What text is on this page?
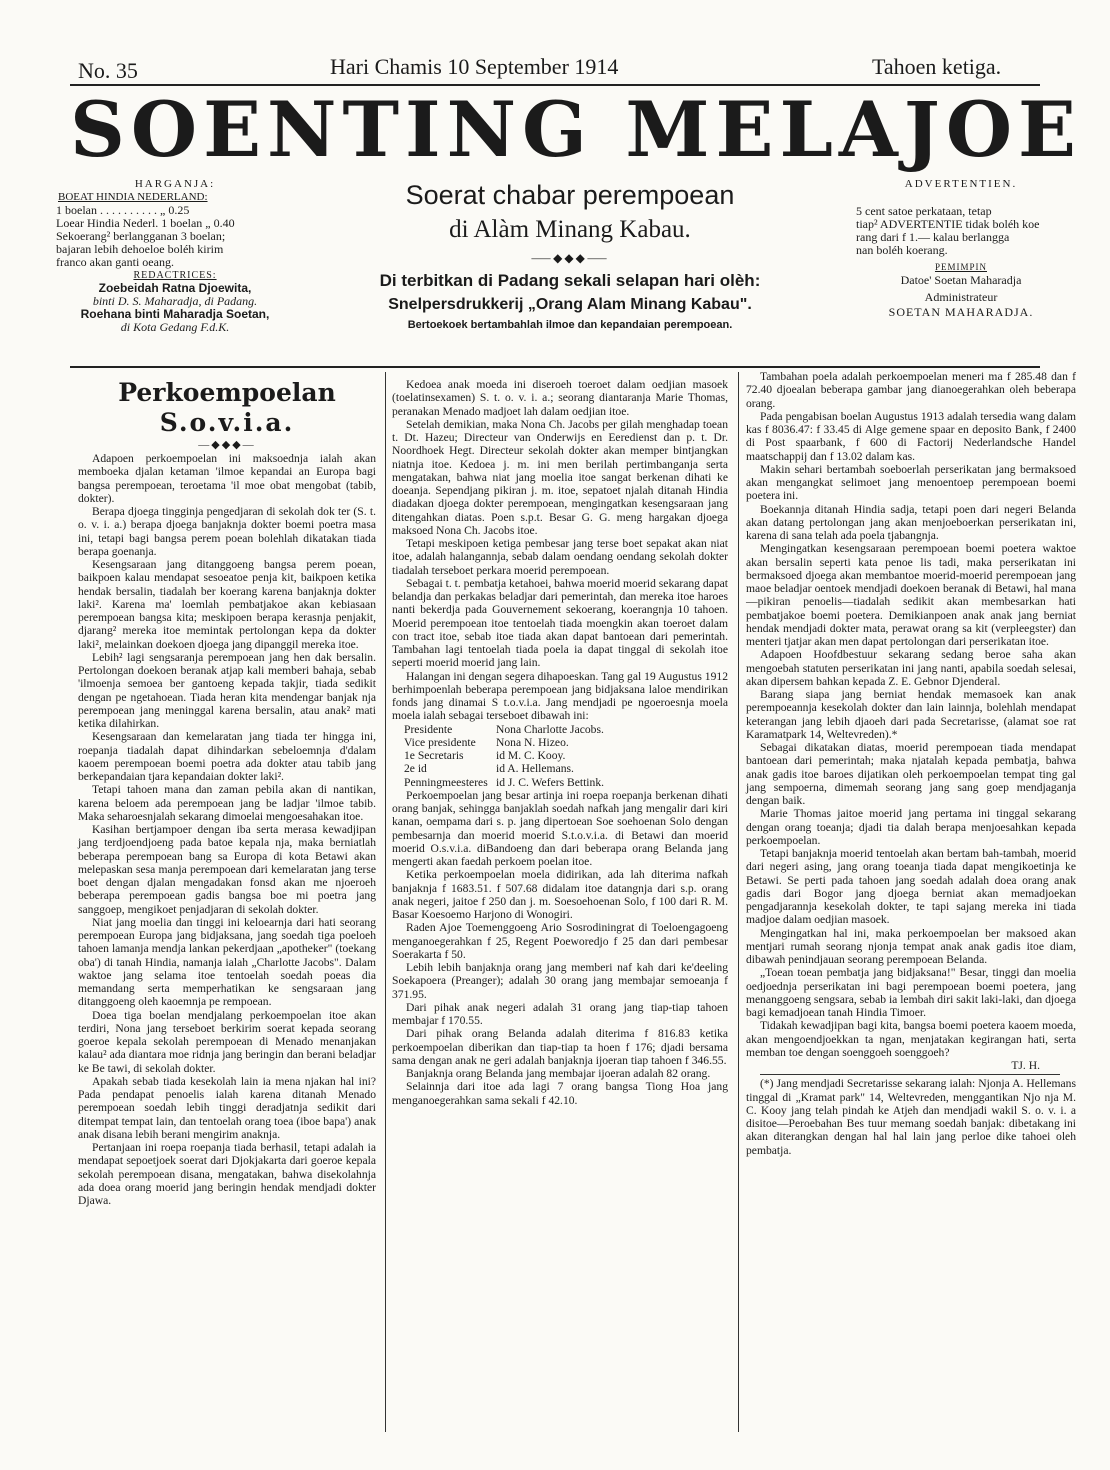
No. 35	Hari Chamis 10 September 1914	Tahoen ketiga.
SOENTING MELAJOE
HARGANJA:
BOEAT HINDIA NEDERLAND:
1 boelan . . . . . . . . . . „ 0.25
Loear Hindia Nederl. 1 boelan „ 0.40
Sekoerang² berlangganan 3 boelan;
bajaran lebih dehoeloe boléh kirim
franco akan ganti oeang.
REDACTRICES:
Zoebeidah Ratna Djoewita,
binti D. S. Maharadja, di Padang.
Roehana binti Maharadja Soetan,
di Kota Gedang F.d.K.
Soerat chabar perempoean
di Alàm Minang Kabau.
⸺◆◆◆⸺
Di terbitkan di Padang sekali selapan hari olèh:
Snelpersdrukkerij „Orang Alam Minang Kabau".
Bertoekoek bertambahlah ilmoe dan kepandaian perempoean.
ADVERTENTIEN.
5 cent satoe perkataan, tetap
tiap² ADVERTENTIE tidak boléh koe
rang dari f 1.— kalau berlangga
nan boléh koerang.
PEMIMPIN
Datoe' Soetan Maharadja
Administrateur
SOETAN MAHARADJA.
Perkoempoelan
S.o.v.i.a.
—◆◆◆—

Adapoen perkoempoelan ini maksoednja ialah akan memboeka djalan ketaman 'ilmoe kepandai an Europa bagi bangsa perempoean, teroetama 'il moe obat mengobat (tabib, dokter).

Berapa djoega tingginja pengedjaran di sekolah dok ter (S. t. o. v. i. a.) berapa djoega banjaknja dokter boemi poetra masa ini, tetapi bagi bangsa perem poean bolehlah dikatakan tiada berapa goenanja.

Kesengsaraan jang ditanggoeng bangsa perem poean, baikpoen kalau mendapat sesoeatoe penja kit, baikpoen ketika hendak bersalin, tiadalah ber koerang karena banjaknja dokter laki². Karena ma' loemlah pembatjakoe akan kebiasaan perempoean bangsa kita; meskipoen berapa kerasnja penjakit, djarang² mereka itoe memintak pertolongan kepa da dokter laki², melainkan doekoen djoega jang dipanggil mereka itoe.

Lebih² lagi sengsaranja perempoean jang hen dak bersalin. Pertolongan doekoen beranak atjap kali memberi bahaja, sebab 'ilmoenja semoea ber gantoeng kepada takjir, tiada sedikit dengan pe ngetahoean. Tiada heran kita mendengar banjak nja perempoean jang meninggal karena bersalin, atau anak² mati ketika dilahirkan.

Kesengsaraan dan kemelaratan jang tiada ter hingga ini, roepanja tiadalah dapat dihindarkan sebeloemnja d'dalam kaoem perempoean boemi poetra ada dokter atau tabib jang berkepandaian tjara kepandaian dokter laki².

Tetapi tahoen mana dan zaman pebila akan di nantikan, karena beloem ada perempoean jang be ladjar 'ilmoe tabib. Maka seharoesnjalah sekarang dimoelai mengoesahakan itoe.

Kasihan bertjampoer dengan iba serta merasa kewadjipan jang terdjoendjoeng pada batoe kepala nja, maka berniatlah beberapa perempoean bang sa Europa di kota Betawi akan melepaskan sesa manja perempoean dari kemelaratan jang terse boet dengan djalan mengadakan fonsd akan me njoeroeh beberapa perempoean gadis bangsa boe mi poetra jang sanggoep, mengikoet penjadjaran di sekolah dokter.

Niat jang moelia dan tinggi ini keloearnja dari hati seorang perempoean Europa jang bidjaksana, jang soedah tiga poeloeh tahoen lamanja mendja lankan pekerdjaan „apotheker" (toekang oba') di tanah Hindia, namanja ialah „Charlotte Jacobs". Dalam waktoe jang selama itoe tentoelah soedah poeas dia memandang serta memperhatikan ke sengsaraan jang ditanggoeng oleh kaoemnja pe rempoean.

Doea tiga boelan mendjalang perkoempoelan itoe akan terdiri, Nona jang terseboet berkirim soerat kepada seorang goeroe kepala sekolah perempoean di Menado menanjakan kalau² ada diantara moe ridnja jang beringin dan berani beladjar ke Be tawi, di sekolah dokter.

Apakah sebab tiada kesekolah lain ia mena njakan hal ini? Pada pendapat penoelis ialah karena ditanah Menado perempoean soedah lebih tinggi deradjatnja sedikit dari ditempat tempat lain, dan tentoelah orang toea (iboe bapa') anak anak disana lebih berani mengirim anaknja.

Pertanjaan ini roepa roepanja tiada berhasil, tetapi adalah ia mendapat sepoetjoek soerat dari Djokjakarta dari goeroe kepala sekolah perempoean disana, mengatakan, bahwa disekolahnja ada doea orang moerid jang beringin hendak mendjadi dokter Djawa.

Kedoea anak moeda ini diseroeh toeroet dalam oedjian masoek (toelatinsexamen) S. t. o. v. i. a.; seorang diantaranja Marie Thomas, peranakan Menado madjoet lah dalam oedjian itoe.

Setelah demikian, maka Nona Ch. Jacobs per gilah menghadap toean t. Dt. Hazeu; Directeur van Onderwijs en Eeredienst dan p. t. Dr. Noordhoek Hegt. Directeur sekolah dokter akan memper bintjangkan niatnja itoe. Kedoea j. m. ini men berilah pertimbanganja serta mengatakan, bahwa niat jang moelia itoe sangat berkenan dihati ke doeanja. Sependjang pikiran j. m. itoe, sepatoet njalah ditanah Hindia diadakan djoega dokter perempoean, mengingatkan kesengsaraan jang ditengahkan diatas. Poen s.p.t. Besar G. G. meng hargakan djoega maksoed Nona Ch. Jacobs itoe.

Tetapi meskipoen ketiga pembesar jang terse boet sepakat akan niat itoe, adalah halangannja, sebab dalam oendang oendang sekolah dokter tiadalah terseboet perkara moerid perempoean.

Sebagai t. t. pembatja ketahoei, bahwa moerid moerid sekarang dapat belandja dan perkakas beladjar dari pemerintah, dan mereka itoe haroes nanti bekerdja pada Gouvernement sekoerang, koerangnja 10 tahoen. Moerid perempoean itoe tentoelah tiada moengkin akan toeroet dalam con tract itoe, sebab itoe tiada akan dapat bantoean dari pemerintah. Tambahan lagi tentoelah tiada poela ia dapat tinggal di sekolah itoe seperti moerid moerid jang lain.

Halangan ini dengan segera dihapoeskan. Tang gal 19 Augustus 1912 berhimpoenlah beberapa perempoean jang bidjaksana laloe mendirikan fonds jang dinamai S t.o.v.i.a. Jang mendjadi pe ngoeroesnja moela moela ialah sebagai terseboet dibawah ini:

Presidente	Nona Charlotte Jacobs.
Vice presidente	Nona N. Hizeo.
1e Secretaris	id M. C. Kooy.
2e id	id A. Hellemans.
Penningmeesteres id J. C. Wefers Bettink.

Perkoempoelan jang besar artinja ini roepa roepanja berkenan dihati orang banjak, sehingga banjaklah soedah nafkah jang mengalir dari kiri kanan, oempama dari s. p. jang dipertoean Soe soehoenan Solo dengan pembesarnja dan moerid moerid S.t.o.v.i.a. di Betawi dan moerid moerid O.s.v.i.a. diBandoeng dan dari beberapa orang Belanda jang mengerti akan faedah perkoem poelan itoe.

Ketika perkoempoelan moela didirikan, ada lah diterima nafkah banjaknja f 1683.51. f 507.68 didalam itoe datangnja dari s.p. orang anak negeri, jaitoe f 250 dan j. m. Soesoehoenan Solo, f 100 dari R. M. Basar Koesoemo Harjono di Wonogiri.

Raden Ajoe Toemenggoeng Ario Sosrodiningrat di Toeloengagoeng menganoegerahkan f 25, Regent Poeworedjo f 25 dan dari pembesar Soerakarta f 50.

Lebih lebih banjaknja orang jang memberi naf kah dari ke'deeling Soekapoera (Preanger); adalah 30 orang jang membajar semoeanja f 371.95.

Dari pihak anak negeri adalah 31 orang jang tiap-tiap tahoen membajar f 170.55.

Dari pihak orang Belanda adalah diterima f 816.83 ketika perkoempoelan diberikan dan tiap-tiap ta hoen f 176; djadi bersama sama dengan anak ne geri adalah banjaknja ijoeran tiap tahoen f 346.55.

Banjaknja orang Belanda jang membajar ijoeran adalah 82 orang.

Selainnja dari itoe ada lagi 7 orang bangsa Tiong Hoa jang menganoegerahkan sama sekali f 42.10.

Tambahan poela adalah perkoempoelan meneri ma f 285.48 dan f 72.40 djoealan beberapa gambar jang dianoegerahkan oleh beberapa orang.

Pada pengabisan boelan Augustus 1913 adalah tersedia wang dalam kas f 8036.47: f 33.45 di Alge gemene spaar en deposito Bank, f 2400 di Post spaarbank, f 600 di Factorij Nederlandsche Handel maatschappij dan f 13.02 dalam kas.

Makin sehari bertambah soeboerlah perserikatan jang bermaksoed akan mengangkat selimoet jang menoentoep perempoean boemi poetera ini.

Boekannja ditanah Hindia sadja, tetapi poen dari negeri Belanda akan datang pertolongan jang akan menjoeboerkan perserikatan ini, karena di sana telah ada poela tjabangnja.

Mengingatkan kesengsaraan perempoean boemi poetera waktoe akan bersalin seperti kata penoe lis tadi, maka perserikatan ini bermaksoed djoega akan membantoe moerid-moerid perempoean jang maoe beladjar oentoek mendjadi doekoen beranak di Betawi, hal mana—pikiran penoelis—tiadalah sedikit akan membesarkan hati pembatjakoe boemi poetera. Demikianpoen anak anak jang berniat hendak mendjadi dokter mata, perawat orang sa kit (verpleegster) dan menteri tjatjar akan men dapat pertolongan dari perserikatan itoe.

Adapoen Hoofdbestuur sekarang sedang beroe saha akan mengoebah statuten perserikatan ini jang nanti, apabila soedah selesai, akan dipersem bahkan kepada Z. E. Gebnor Djenderal.

Barang siapa jang berniat hendak memasoek kan anak perempoeannja kesekolah dokter dan lain lainnja, bolehlah mendapat keterangan jang lebih djaoeh dari pada Secretarisse, (alamat soe rat Karamatpark 14, Weltevreden).*

Sebagai dikatakan diatas, moerid perempoean tiada mendapat bantoean dari pemerintah; maka njatalah kepada pembatja, bahwa anak gadis itoe baroes dijatikan oleh perkoempoelan tempat ting gal jang sempoerna, dimemah seorang jang sang goep mendjaganja dengan baik.

Marie Thomas jaitoe moerid jang pertama ini tinggal sekarang dengan orang toeanja; djadi tia dalah berapa menjoesahkan kepada perkoempoelan.

Tetapi banjaknja moerid tentoelah akan bertam bah-tambah, moerid dari negeri asing, jang orang toeanja tiada dapat mengikoetinja ke Betawi. Se perti pada tahoen jang soedah adalah doea orang anak gadis dari Bogor jang djoega berniat akan memadjoekan pengadjarannja kesekolah dokter, te tapi sajang mereka ini tiada madjoe dalam oedjian masoek.

Mengingatkan hal ini, maka perkoempoelan ber maksoed akan mentjari rumah seorang njonja tempat anak anak gadis itoe diam, dibawah penindjauan seorang perempoean Belanda.

„Toean toean pembatja jang bidjaksana!" Besar, tinggi dan moelia oedjoednja perserikatan ini bagi perempoean boemi poetera, jang menanggoeng sengsara, sebab ia lembah diri sakit laki-laki, dan djoega bagi kemadjoean tanah Hindia Timoer.

Tidakah kewadjipan bagi kita, bangsa boemi poetera kaoem moeda, akan mengoendjoekkan ta ngan, menjatakan kegirangan hati, serta memban toe dengan soenggoeh soenggoeh?

TJ. H.

(*) Jang mendjadi Secretarisse sekarang ialah: Njonja A. Hellemans tinggal di „Kramat park" 14, Weltevreden, menggantikan Njo nja M. C. Kooy jang telah pindah ke Atjeh dan mendjadi wakil S. o. v. i. a disitoe—Peroebahan Bes tuur memang soedah banjak: dibetakang ini akan diterangkan dengan hal hal lain jang perloe dike tahoei oleh pembatja.
